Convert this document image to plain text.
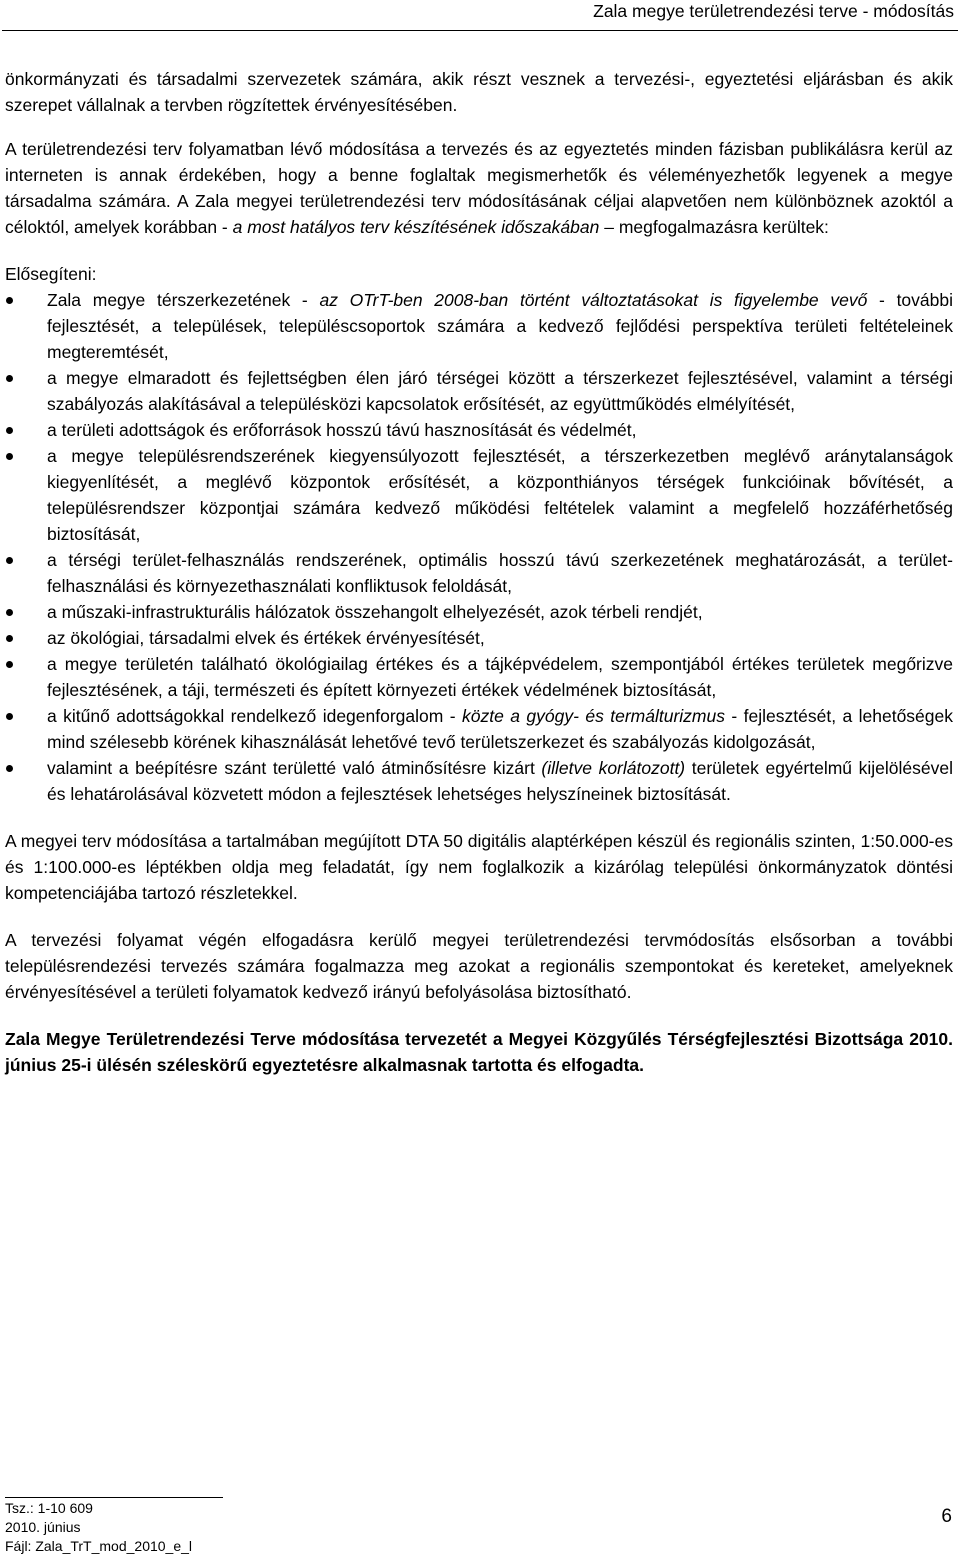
Zala megye területrendezési terve - módosítás

önkormányzati és társadalmi szervezetek számára, akik részt vesznek a tervezési-, egyeztetési eljárásban és akik szerepet vállalnak a tervben rögzítettek érvényesítésében.

A területrendezési terv folyamatban lévő módosítása a tervezés és az egyeztetés minden fázisban publikálásra kerül az interneten is annak érdekében, hogy a benne foglaltak megismerhetők és véleményezhetők legyenek a megye társadalma számára. A Zala megyei területrendezési terv módosításának céljai alapvetően nem különböznek azoktól a céloktól, amelyek korábban - a most hatályos terv készítésének időszakában – megfogalmazásra kerültek:

Elősegíteni:

Zala megye térszerkezetének - az OTrT-ben 2008-ban történt változtatásokat is figyelembe vevő - további fejlesztését, a települések, településcsoportok számára a kedvező fejlődési perspektíva területi feltételeinek megteremtését,
a megye elmaradott és fejlettségben élen járó térségei között a térszerkezet fejlesztésével, valamint a térségi szabályozás alakításával a településközi kapcsolatok erősítését, az együttműködés elmélyítését,
a területi adottságok és erőforrások hosszú távú hasznosítását és védelmét,
a megye településrendszerének kiegyensúlyozott fejlesztését, a térszerkezetben meglévő aránytalanságok kiegyenlítését, a meglévő központok erősítését, a központhiányos térségek funkcióinak bővítését, a településrendszer központjai számára kedvező működési feltételek valamint a megfelelő hozzáférhetőség biztosítását,
a térségi terület-felhasználás rendszerének, optimális hosszú távú szerkezetének meghatározását, a terület-felhasználási és környezethasználati konfliktusok feloldását,
a műszaki-infrastrukturális hálózatok összehangolt elhelyezését, azok térbeli rendjét,
az ökológiai, társadalmi elvek és értékek érvényesítését,
a megye területén található ökológiailag értékes és a tájképvédelem, szempontjából értékes területek megőrizve fejlesztésének, a táji, természeti és épített környezeti értékek védelmének biztosítását,
a kitűnő adottságokkal rendelkező idegenforgalom - közte a gyógy- és termálturizmus - fejlesztését, a lehetőségek mind szélesebb körének kihasználását lehetővé tevő területszerkezet és szabályozás kidolgozását,
valamint a beépítésre szánt területté való átminősítésre kizárt (illetve korlátozott) területek egyértelmű kijelölésével és lehatárolásával közvetett módon a fejlesztések lehetséges helyszíneinek biztosítását.

A megyei terv módosítása a tartalmában megújított DTA 50 digitális alaptérképen készül és regionális szinten, 1:50.000-es és 1:100.000-es léptékben oldja meg feladatát, így nem foglalkozik a kizárólag települési önkormányzatok döntési kompetenciájába tartozó részletekkel.

A tervezési folyamat végén elfogadásra kerülő megyei területrendezési tervmódosítás elsősorban a további településrendezési tervezés számára fogalmazza meg azokat a regionális szempontokat és kereteket, amelyeknek érvényesítésével a területi folyamatok kedvező irányú befolyásolása biztosítható.

Zala Megye Területrendezési Terve módosítása tervezetét a Megyei Közgyűlés Térségfejlesztési Bizottsága 2010. június 25-i ülésén széleskörű egyeztetésre alkalmasnak tartotta és elfogadta.

Tsz.: 1-10 609
2010. június
Fájl: Zala_TrT_mod_2010_e_l
6
